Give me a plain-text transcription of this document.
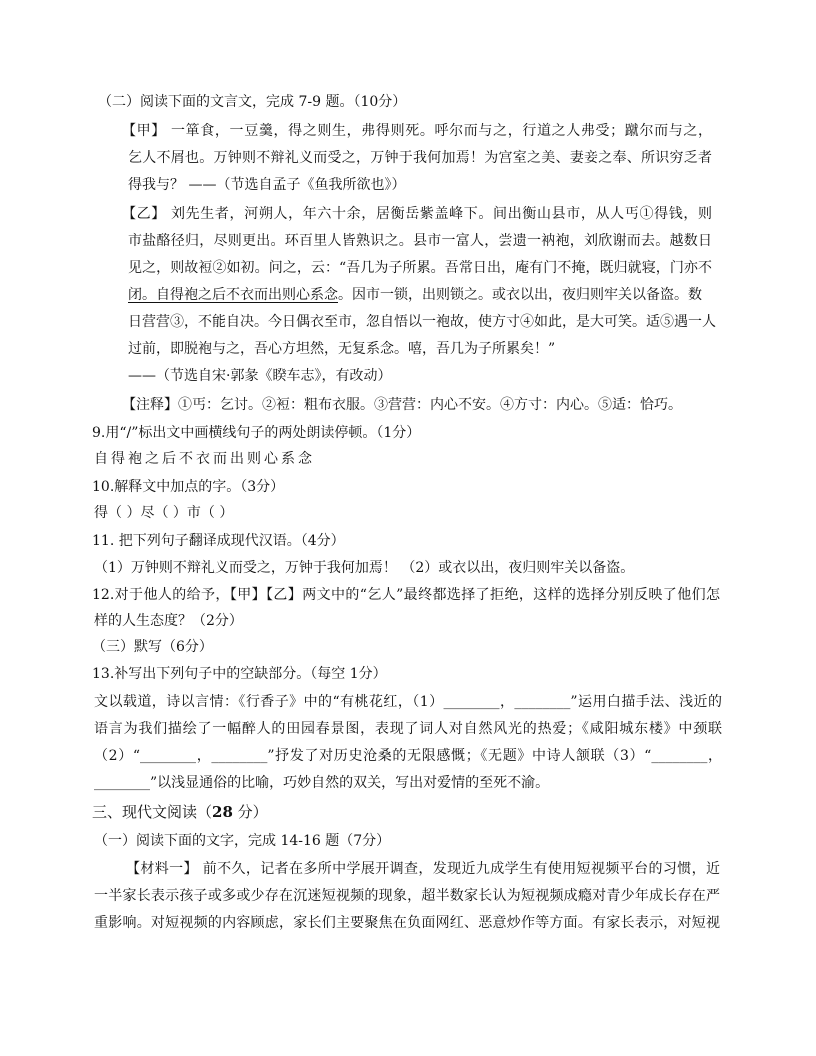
（二）阅读下面的文言文，完成 7-9 题。（10分）
【甲】 一箪食，一豆羹，得之则生，弗得则死。呼尔而与之，行道之人弗受；蹴尔而与之，
乞人不屑也。万钟则不辩礼义而受之，万钟于我何加焉！为宫室之美、妻妾之奉、所识穷乏者
得我与？ ——（节选自孟子《鱼我所欲也》）
【乙】 刘先生者，河朔人，年六十余，居衡岳紫盖峰下。间出衡山县市，从人丐①得钱，则
市盐酪径归，尽则更出。环百里人皆熟识之。县市一富人，尝遗一衲袍，刘欣谢而去。越数日
见之，则故裋②如初。问之，云：“吾几为子所累。吾常日出，庵有门不掩，既归就寝，门亦不
闭。自得袍之后不衣而出则心系念。因市一锁，出则锁之。或衣以出，夜归则牢关以备盗。数
日营营③，不能自决。今日偶衣至市，忽自悟以一袍故，使方寸④如此，是大可笑。适⑤遇一人
过前，即脱袍与之，吾心方坦然，无复系念。嘻，吾几为子所累矣！”
——（节选自宋·郭彖《睽车志》，有改动）
【注释】①丐：乞讨。②裋：粗布衣服。③营营：内心不安。④方寸：内心。⑤适：恰巧。
9.用“/”标出文中画横线句子的两处朗读停顿。（1分）
自得袍之后不衣而出则心系念
10.解释文中加点的字。（3分）
得（ ）尽（ ）市（ ）
11. 把下列句子翻译成现代汉语。（4分）
（1）万钟则不辩礼义而受之，万钟于我何加焉！ （2）或衣以出，夜归则牢关以备盗。
12.对于他人的给予，【甲】【乙】两文中的“乞人”最终都选择了拒绝，这样的选择分别反映了他们怎
样的人生态度？（2分）
（三）默写（6分）
13.补写出下列句子中的空缺部分。（每空 1分）
文以载道，诗以言情：《行香子》中的“有桃花红，（1）________，________”运用白描手法、浅近的
语言为我们描绘了一幅醉人的田园春景图，表现了词人对自然风光的热爱；《咸阳城东楼》中颈联
（2）“________，________”抒发了对历史沧桑的无限感慨；《无题》中诗人颔联（3）“________，
________”以浅显通俗的比喻，巧妙自然的双关，写出对爱情的至死不渝。
三、现代文阅读（28 分）
（一）阅读下面的文字，完成 14-16 题（7分）
【材料一】 前不久，记者在多所中学展开调查，发现近九成学生有使用短视频平台的习惯，近
一半家长表示孩子或多或少存在沉迷短视频的现象，超半数家长认为短视频成瘾对青少年成长存在严
重影响。对短视频的内容顾虑，家长们主要聚焦在负面网红、恶意炒作等方面。有家长表示，对短视
